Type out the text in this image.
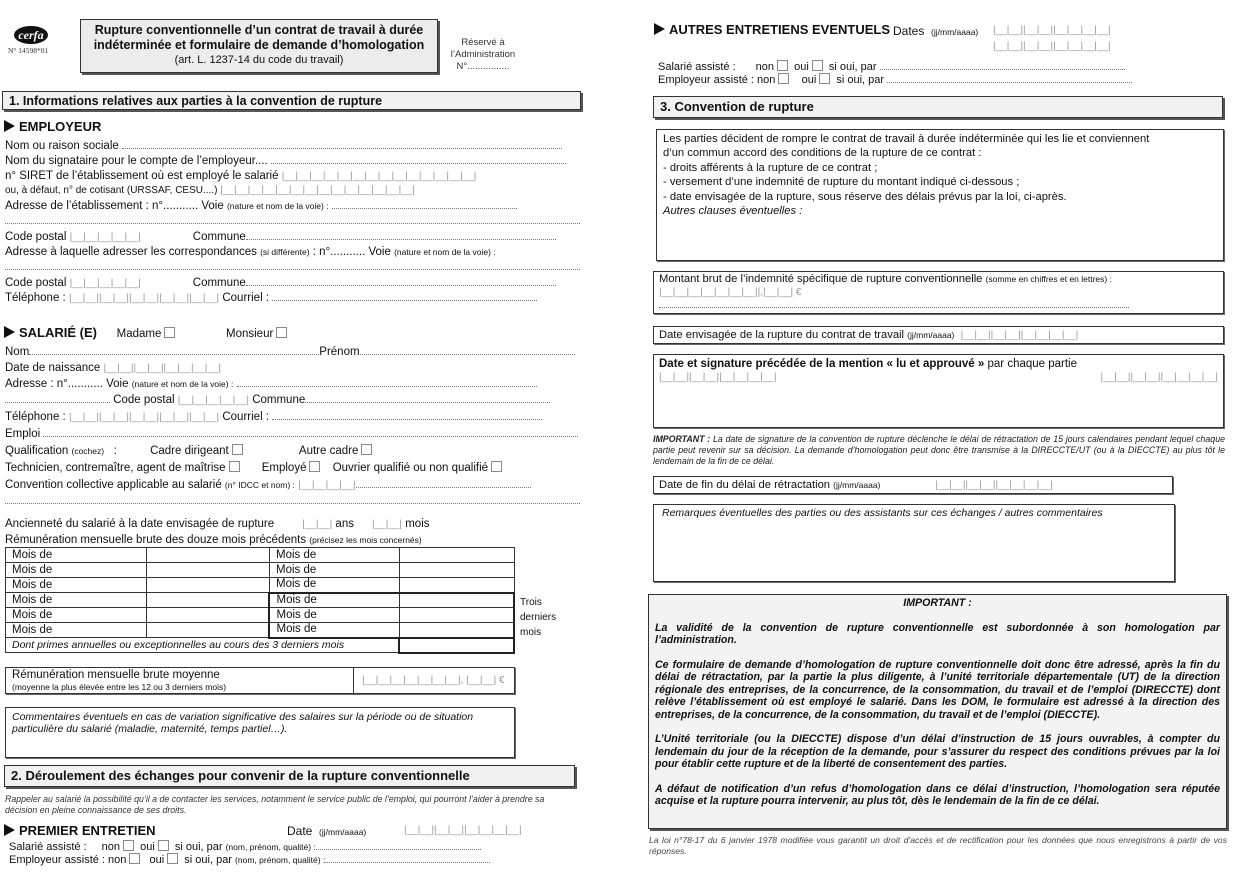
cerfa
N° 14598*01
Rupture conventionnelle d’un contrat de travail à durée
indéterminée et formulaire de demande d’homologation
(art. L. 1237-14 du code du travail)
Réservé à
l’Administration
N°................
1. Informations relatives aux parties à la convention de rupture
EMPLOYEUR
Nom ou raison sociale
Nom du signataire pour le compte de l’employeur....
n° SIRET de l’établissement où est employé le salarié |__|__|__|__|__|__|__|__|__|__|__|__|__|__|
ou, à défaut, n° de cotisant (URSSAF, CESU....) |__|__|__|__|__|__|__|__|__|__|__|__|__|__|
Adresse de l’établissement : n°........... Voie (nature et nom de la voie) :
Code postal |__|__|__|__|__|	Commune
Adresse à laquelle adresser les correspondances (si différente) : n°........... Voie (nature et nom de la voie) :
Code postal |__|__|__|__|__|	Commune
Téléphone : |__|__||__|__||__|__||__|__||__|__| Courriel :
SALARIÉ (E) Madame	Monsieur
Nom	Prénom
Date de naissance |__|__||__|__||__|__|__|__|
Adresse : n°........... Voie (nature et nom de la voie) :
Code postal |__|__|__|__|__| Commune
Téléphone : |__|__||__|__||__|__||__|__||__|__| Courriel :
Emploi
Qualification (cochez)   :	Cadre dirigeant	Autre cadre
Technicien, contremaître, agent de maîtrise	Employé Ouvrier qualifié ou non qualifié
Convention collective applicable au salarié (n° IDCC et nom) : |__|__|__|__|
Ancienneté du salarié à la date envisagée de rupture	|__|__| ans |__|__| mois
Rémunération mensuelle brute des douze mois précédents (précisez les mois concernés)
Mois de		Mois de	
Mois de		Mois de	
Mois de		Mois de	
Mois de		Mois de	
Mois de		Mois de	
Mois de		Mois de	
Dont primes annuelles ou exceptionnelles au cours des 3 derniers mois			
Trois
derniers
mois
Rémunération mensuelle brute moyenne
(moyenne la plus élevée entre les 12 ou 3 derniers mois)
|__|__|__|__|__|__|__|, |__|__| €
Commentaires éventuels en cas de variation significative des salaires sur la période ou de situation particulière du salarié (maladie, maternité, temps partiel…).
2. Déroulement des échanges pour convenir de la rupture conventionnelle
Rappeler au salarié la possibilité qu’il a de contacter les services, notamment le service public de l’emploi, qui pourront l’aider à prendre sa décision en pleine connaissance de ses droits.
PREMIER ENTRETIEN	Date (jj/mm/aaaa)	|__|__||__|__||__|__|__|__|
Salarié assisté : non oui si oui, par (nom, prénom, qualité) :
Employeur assisté : non oui si oui, par (nom, prénom, qualité) :
AUTRES ENTRETIENS EVENTUELS Dates (jj/mm/aaaa) |__|__||__|__||__|__|__|__|
|__|__||__|__||__|__|__|__|
Salarié assisté : non oui si oui, par
Employeur assisté : non oui si oui, par
3. Convention de rupture
Les parties décident de rompre le contrat de travail à durée indéterminée qui les lie et conviennent
d’un commun accord des conditions de la rupture de ce contrat :
- droits afférents à la rupture de ce contrat ;
- versement d’une indemnité de rupture du montant indiqué ci-dessous ;
- date envisagée de la rupture, sous réserve des délais prévus par la loi, ci-après.
Autres clauses éventuelles :
Montant brut de l’indemnité spécifique de rupture conventionnelle (somme en chiffres et en lettres) :
|__|__|__|__|__|__|__||,|__|__| €
Date envisagée de la rupture du contrat de travail (jj/mm/aaaa) |__|__||__|__||__|__|__|__|
Date et signature précédée de la mention « lu et approuvé » par chaque partie
|__|__||__|__||__|__|__|__|	|__|__||__|__||__|__|__|__|
IMPORTANT : La date de signature de la convention de rupture déclenche le délai de rétractation de 15 jours calendaires pendant lequel chaque partie peut revenir sur sa décision. La demande d’homologation peut donc être transmise à la DIRECCTE/UT (ou à la DIECCTE) au plus tôt le lendemain de la fin de ce délai.
Date de fin du délai de rétractation (jj/mm/aaaa)	|__|__||__|__||__|__|__|__|
Remarques éventuelles des parties ou des assistants sur ces échanges / autres commentaires
IMPORTANT :
La validité de la convention de rupture conventionnelle est subordonnée à son homologation par l’administration.
Ce formulaire de demande d’homologation de rupture conventionnelle doit donc être adressé, après la fin du délai de rétractation, par la partie la plus diligente, à l’unité territoriale départementale (UT) de la direction régionale des entreprises, de la concurrence, de la consommation, du travail et de l’emploi (DIRECCTE) dont relève l’établissement où est employé le salarié. Dans les DOM, le formulaire est adressé à la direction des entreprises, de la concurrence, de la consommation, du travail et de l’emploi (DIECCTE).
L’Unité territoriale (ou la DIECCTE) dispose d’un délai d’instruction de 15 jours ouvrables, à compter du lendemain du jour de la réception de la demande, pour s’assurer du respect des conditions prévues par la loi pour établir cette rupture et de la liberté de consentement des parties.
A défaut de notification d’un refus d’homologation dans ce délai d’instruction, l’homologation sera réputée acquise et la rupture pourra intervenir, au plus tôt, dès le lendemain de la fin de ce délai.
La loi n°78-17 du 6 janvier 1978 modifiée vous garantit un droit d’accès et de rectification pour les données que nous enregistrons à partir de vos réponses.
